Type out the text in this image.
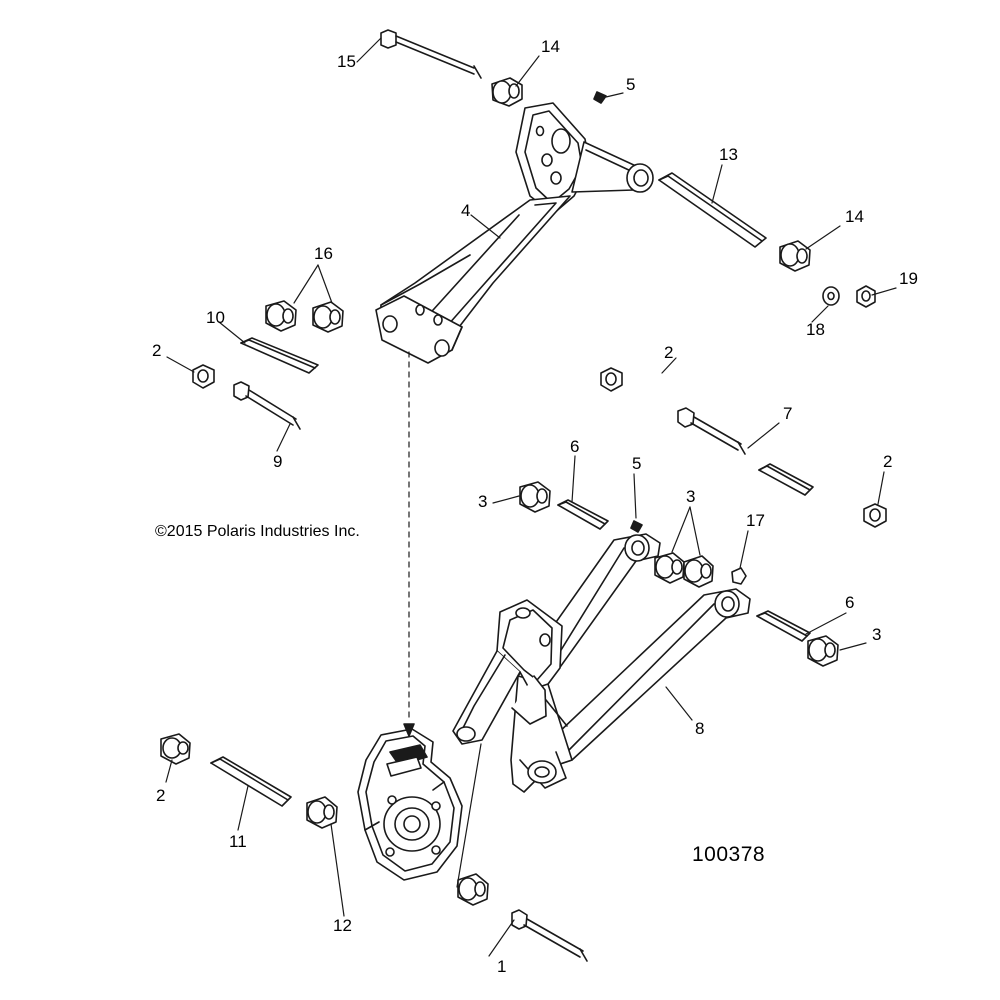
15
14
5
13
14
4
19
18
16
10
2	2
9
7
2
6
5
3	3
17
6
3
8
2
11
12
1
©2015 Polaris Industries Inc.
100378
